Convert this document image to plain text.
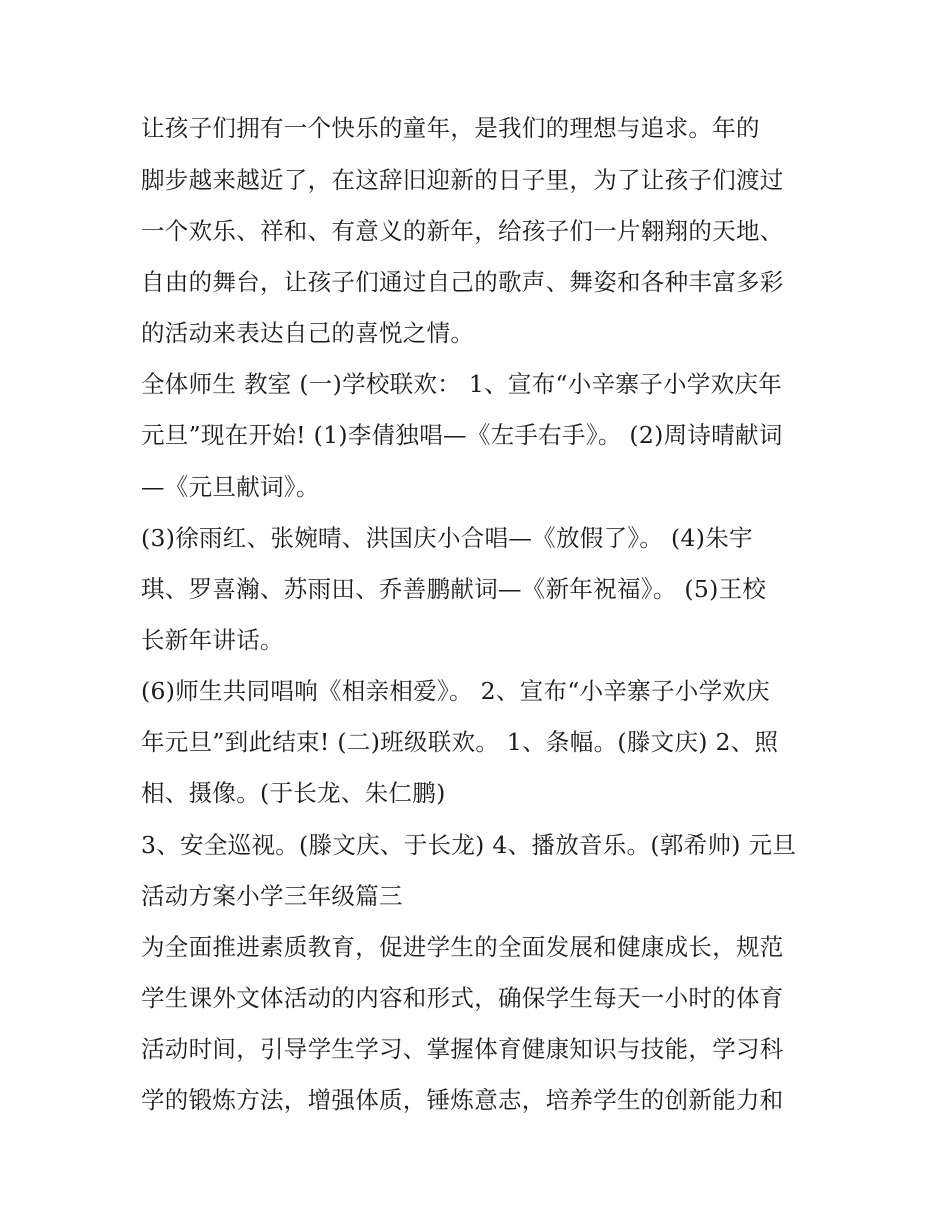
让孩子们拥有一个快乐的童年，是我们的理想与追求。年的
脚步越来越近了，在这辞旧迎新的日子里，为了让孩子们渡过
一个欢乐、祥和、有意义的新年，给孩子们一片翱翔的天地、
自由的舞台，让孩子们通过自己的歌声、舞姿和各种丰富多彩
的活动来表达自己的喜悦之情。
全体师生 教室 (一)学校联欢： 1、宣布“小辛寨子小学欢庆年
元旦”现在开始! (1)李倩独唱—《左手右手》。 (2)周诗晴献词
—《元旦献词》。
(3)徐雨红、张婉晴、洪国庆小合唱—《放假了》。 (4)朱宇
琪、罗喜瀚、苏雨田、乔善鹏献词—《新年祝福》。 (5)王校
长新年讲话。
(6)师生共同唱响《相亲相爱》。 2、宣布“小辛寨子小学欢庆
年元旦”到此结束! (二)班级联欢。 1、条幅。(滕文庆) 2、照
相、摄像。(于长龙、朱仁鹏)
3、安全巡视。(滕文庆、于长龙) 4、播放音乐。(郭希帅) 元旦
活动方案小学三年级篇三
为全面推进素质教育，促进学生的全面发展和健康成长，规范
学生课外文体活动的内容和形式，确保学生每天一小时的体育
活动时间，引导学生学习、掌握体育健康知识与技能，学习科
学的锻炼方法，增强体质，锤炼意志，培养学生的创新能力和
